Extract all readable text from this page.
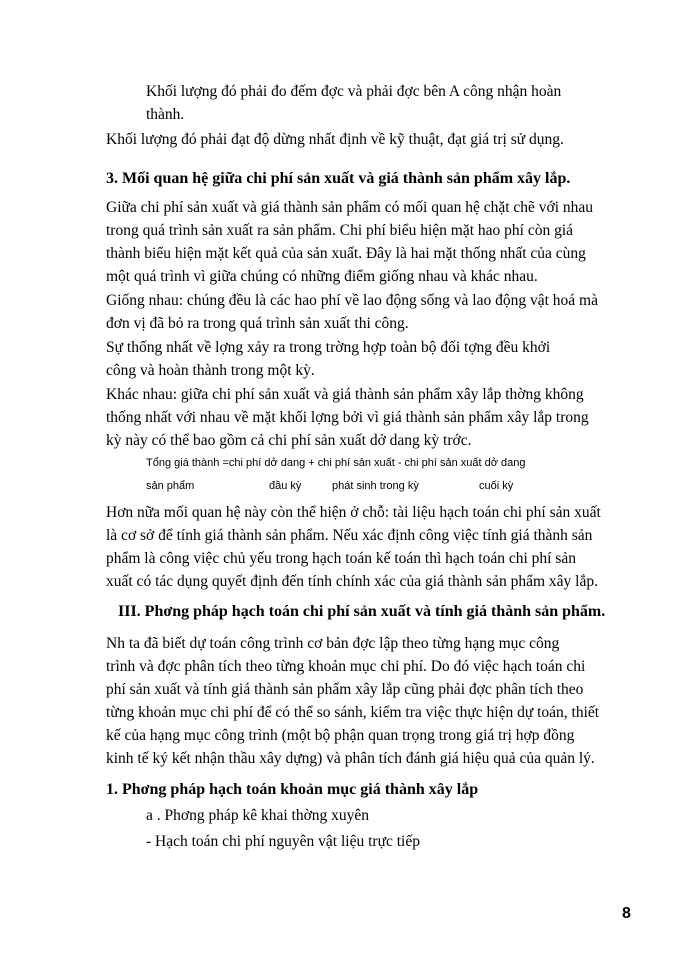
Khối lượng đó phải đo đếm đợc và phải đợc bên A công nhận hoàn

thành.

Khối lượng đó phải đạt độ dừng nhất định về kỹ thuật, đạt giá trị sử dụng.

3. Mối quan hệ giữa chi phí sản xuất và giá thành sản phẩm xây lắp.

Giữa chi phí sản xuất và giá thành sản phẩm có mối quan hệ chặt chẽ với nhau

trong quá trình sản xuất ra sản phẩm. Chi phí biểu hiện mặt hao phí còn giá

thành biểu hiện mặt kết quả của sản xuất. Đây là hai mặt thống nhất của cùng

một quá trình vì giữa chúng có những điểm giống nhau và khác nhau.

Giống nhau: chúng đều là các hao phí về lao động sống và lao động vật hoá mà

đơn vị đã bỏ ra trong quá trình sản xuất thi công.

Sự thống nhất về lợng xảy ra trong trờng hợp toàn bộ đối tợng đều khởi

công và hoàn thành trong một kỳ.

Khác nhau: giữa chi phí sản xuất và giá thành sản phẩm xây lắp thờng không

thống nhất với nhau về mặt khối lợng bởi vì giá thành sản phẩm xây lắp trong

kỳ này có thể bao gồm cả chi phí sản xuất dở dang kỳ trớc.

Tổng giá thành =chi phí dở dang + chi phí sản xuất - chi phí sản xuất dở dang

sản phẩm	đầu kỳ	phát sinh trong kỳ	cuối kỳ

Hơn nữa mối quan hệ này còn thể hiện ở chỗ: tài liệu hạch toán chi phí sản xuất

là cơ sở để tính giá thành sản phẩm. Nếu xác định công việc tính giá thành sản

phẩm là công việc chủ yếu trong hạch toán kế toán thì hạch toán chi phí sản

xuất có tác dụng quyết định đến tính chính xác của giá thành sản phẩm xây lắp.

III. Phơng pháp hạch toán chi phí sản xuất và tính giá thành sản phẩm.

Nh ta đã biết dự toán công trình cơ bản đợc lập theo từng hạng mục công

trình và đợc phân tích theo từng khoản mục chi phí. Do đó việc hạch toán chi

phí sản xuất và tính giá thành sản phẩm xây lắp cũng phải đợc phân tích theo

từng khoản mục chi phí để có thể so sánh, kiểm tra việc thực hiện dự toán, thiết

kế của hạng mục công trình (một bộ phận quan trọng trong giá trị hợp đồng

kinh tế ký kết nhận thầu xây dựng) và phân tích đánh giá hiệu quả của quản lý.

1. Phơng pháp hạch toán khoản mục giá thành xây lắp

a . Phơng pháp kê khai thờng xuyên

- Hạch toán chi phí nguyên vật liệu trực tiếp

8
